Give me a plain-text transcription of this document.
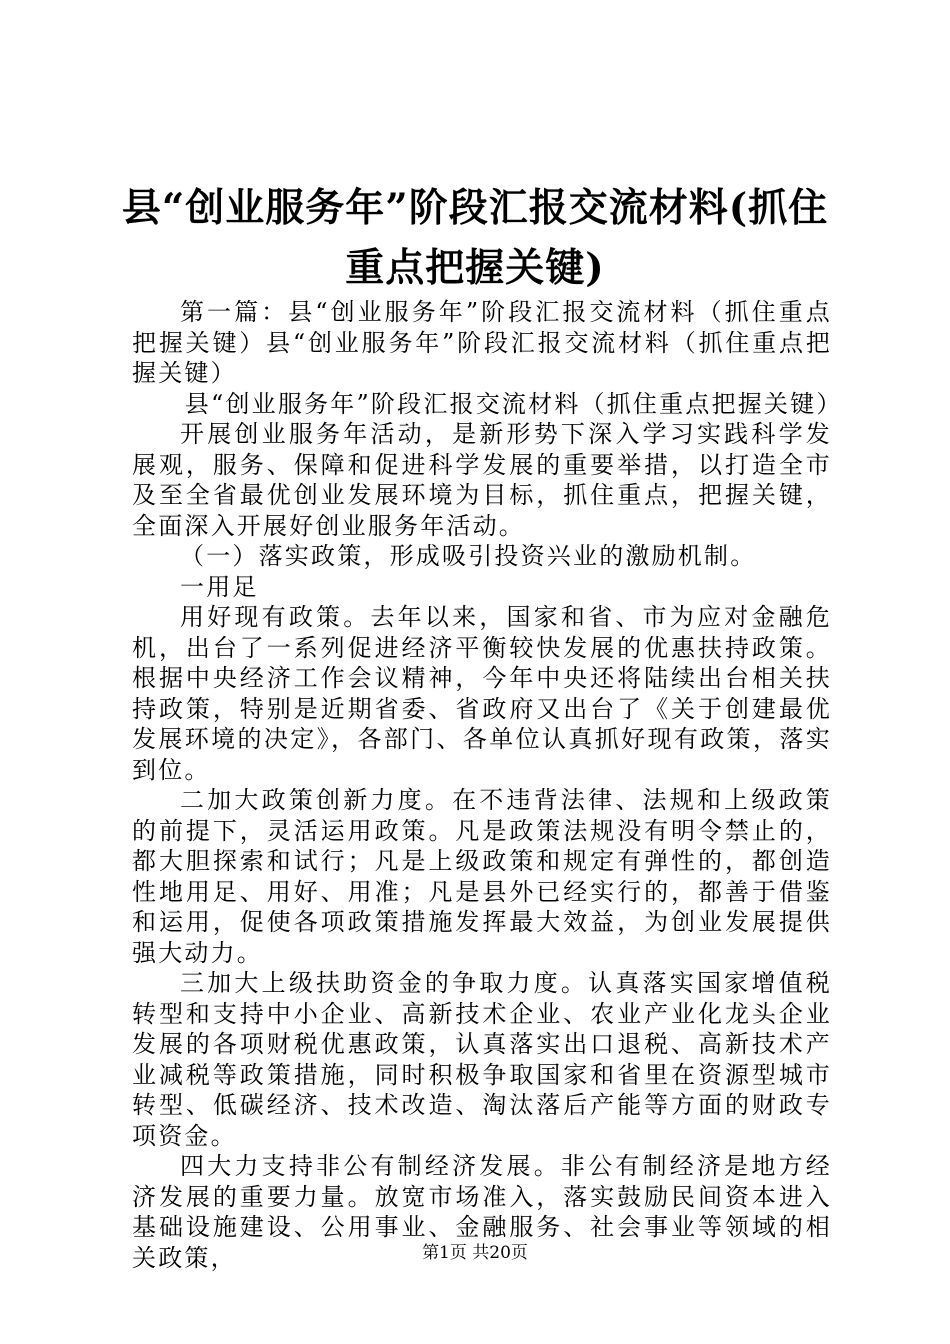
县“创业服务年”阶段汇报交流材料(抓住重点把握关键)

第一篇：县“创业服务年”阶段汇报交流材料（抓住重点把握关键）县“创业服务年”阶段汇报交流材料（抓住重点把握关键）

县“创业服务年”阶段汇报交流材料（抓住重点把握关键）

开展创业服务年活动，是新形势下深入学习实践科学发展观，服务、保障和促进科学发展的重要举措，以打造全市及至全省最优创业发展环境为目标，抓住重点，把握关键，全面深入开展好创业服务年活动。

（一）落实政策，形成吸引投资兴业的激励机制。

一用足

用好现有政策。去年以来，国家和省、市为应对金融危机，出台了一系列促进经济平衡较快发展的优惠扶持政策。根据中央经济工作会议精神，今年中央还将陆续出台相关扶持政策，特别是近期省委、省政府又出台了《关于创建最优发展环境的决定》，各部门、各单位认真抓好现有政策，落实到位。

二加大政策创新力度。在不违背法律、法规和上级政策的前提下，灵活运用政策。凡是政策法规没有明令禁止的，都大胆探索和试行；凡是上级政策和规定有弹性的，都创造性地用足、用好、用准；凡是县外已经实行的，都善于借鉴和运用，促使各项政策措施发挥最大效益，为创业发展提供强大动力。

三加大上级扶助资金的争取力度。认真落实国家增值税转型和支持中小企业、高新技术企业、农业产业化龙头企业发展的各项财税优惠政策，认真落实出口退税、高新技术产业减税等政策措施，同时积极争取国家和省里在资源型城市转型、低碳经济、技术改造、淘汰落后产能等方面的财政专项资金。

四大力支持非公有制经济发展。非公有制经济是地方经济发展的重要力量。放宽市场准入，落实鼓励民间资本进入基础设施建设、公用事业、金融服务、社会事业等领域的相关政策，	第1页 共20页
